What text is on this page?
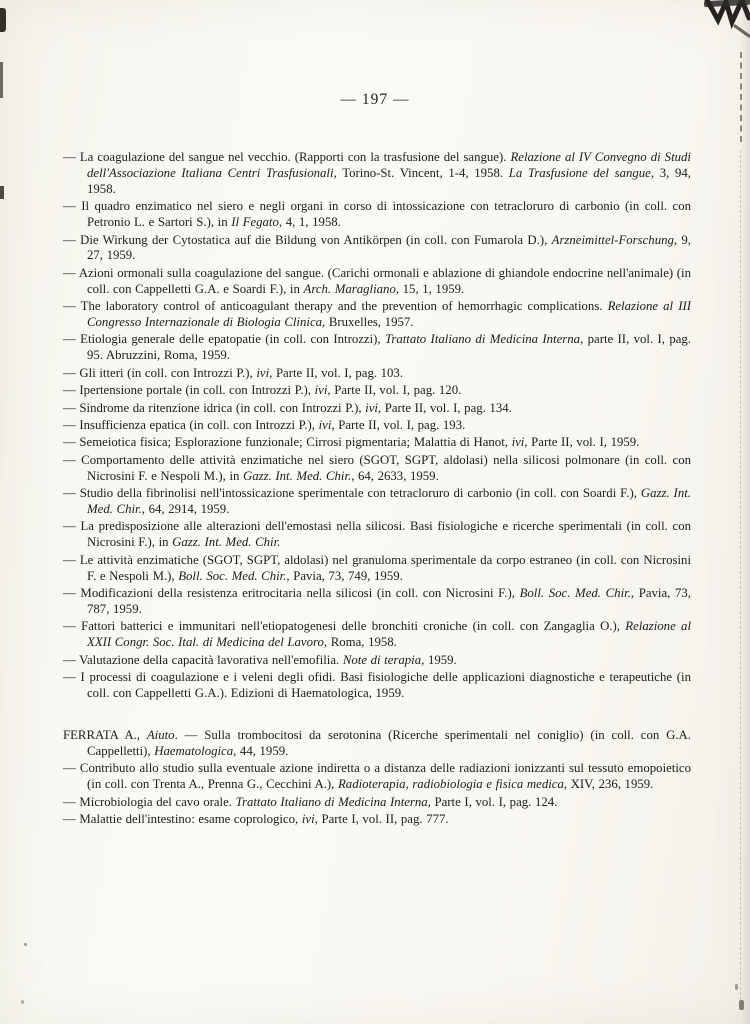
— 197 —

— La coagulazione del sangue nel vecchio. (Rapporti con la trasfusione del sangue). Relazione al IV Convegno di Studi dell'Associazione Italiana Centri Trasfusionali, Torino-St. Vincent, 1-4, 1958. La Trasfusione del sangue, 3, 94, 1958.

— Il quadro enzimatico nel siero e negli organi in corso di intossicazione con tetracloruro di carbonio (in coll. con Petronio L. e Sartori S.), in Il Fegato, 4, 1, 1958.

— Die Wirkung der Cytostatica auf die Bildung von Antikörpen (in coll. con Fumarola D.), Arzneimittel-Forschung, 9, 27, 1959.

— Azioni ormonali sulla coagulazione del sangue. (Carichi ormonali e ablazione di ghiandole endocrine nell'animale) (in coll. con Cappelletti G.A. e Soardi F.), in Arch. Maragliano, 15, 1, 1959.

— The laboratory control of anticoagulant therapy and the prevention of hemorrhagic complications. Relazione al III Congresso Internazionale di Biologia Clinica, Bruxelles, 1957.

— Etiologia generale delle epatopatie (in coll. con Introzzi), Trattato Italiano di Medicina Interna, parte II, vol. I, pag. 95. Abruzzini, Roma, 1959.

— Gli itteri (in coll. con Introzzi P.), ivi, Parte II, vol. I, pag. 103.

— Ipertensione portale (in coll. con Introzzi P.), ivi, Parte II, vol. I, pag. 120.

— Sindrome da ritenzione idrica (in coll. con Introzzi P.), ivi, Parte II, vol. I, pag. 134.

— Insufficienza epatica (in coll. con Introzzi P.), ivi, Parte II, vol. I, pag. 193.

— Semeiotica fisica; Esplorazione funzionale; Cirrosi pigmentaria; Malattia di Hanot, ivi, Parte II, vol. I, 1959.

— Comportamento delle attività enzimatiche nel siero (SGOT, SGPT, aldolasi) nella silicosi polmonare (in coll. con Nicrosini F. e Nespoli M.), in Gazz. Int. Med. Chir., 64, 2633, 1959.

— Studio della fibrinolisi nell'intossicazione sperimentale con tetracloruro di carbonio (in coll. con Soardi F.), Gazz. Int. Med. Chir., 64, 2914, 1959.

— La predisposizione alle alterazioni dell'emostasi nella silicosi. Basi fisiologiche e ricerche sperimentali (in coll. con Nicrosini F.), in Gazz. Int. Med. Chir.

— Le attività enzimatiche (SGOT, SGPT, aldolasi) nel granuloma sperimentale da corpo estraneo (in coll. con Nicrosini F. e Nespoli M.), Boll. Soc. Med. Chir., Pavia, 73, 749, 1959.

— Modificazioni della resistenza eritrocitaria nella silicosi (in coll. con Nicrosini F.), Boll. Soc. Med. Chir., Pavia, 73, 787, 1959.

— Fattori batterici e immunitari nell'etiopatogenesi delle bronchiti croniche (in coll. con Zangaglia O.), Relazione al XXII Congr. Soc. Ital. di Medicina del Lavoro, Roma, 1958.

— Valutazione della capacità lavorativa nell'emofilia. Note di terapia, 1959.

— I processi di coagulazione e i veleni degli ofidi. Basi fisiologiche delle applicazioni diagnostiche e terapeutiche (in coll. con Cappelletti G.A.). Edizioni di Haematologica, 1959.

FERRATA A., Aiuto. — Sulla trombocitosi da serotonina (Ricerche sperimentali nel coniglio) (in coll. con G.A. Cappelletti), Haematologica, 44, 1959.

— Contributo allo studio sulla eventuale azione indiretta o a distanza delle radiazioni ionizzanti sul tessuto emopoietico (in coll. con Trenta A., Prenna G., Cecchini A.), Radioterapia, radiobiologia e fisica medica, XIV, 236, 1959.

— Microbiologia del cavo orale. Trattato Italiano di Medicina Interna, Parte I, vol. I, pag. 124.

— Malattie dell'intestino: esame coprologico, ivi, Parte I, vol. II, pag. 777.
